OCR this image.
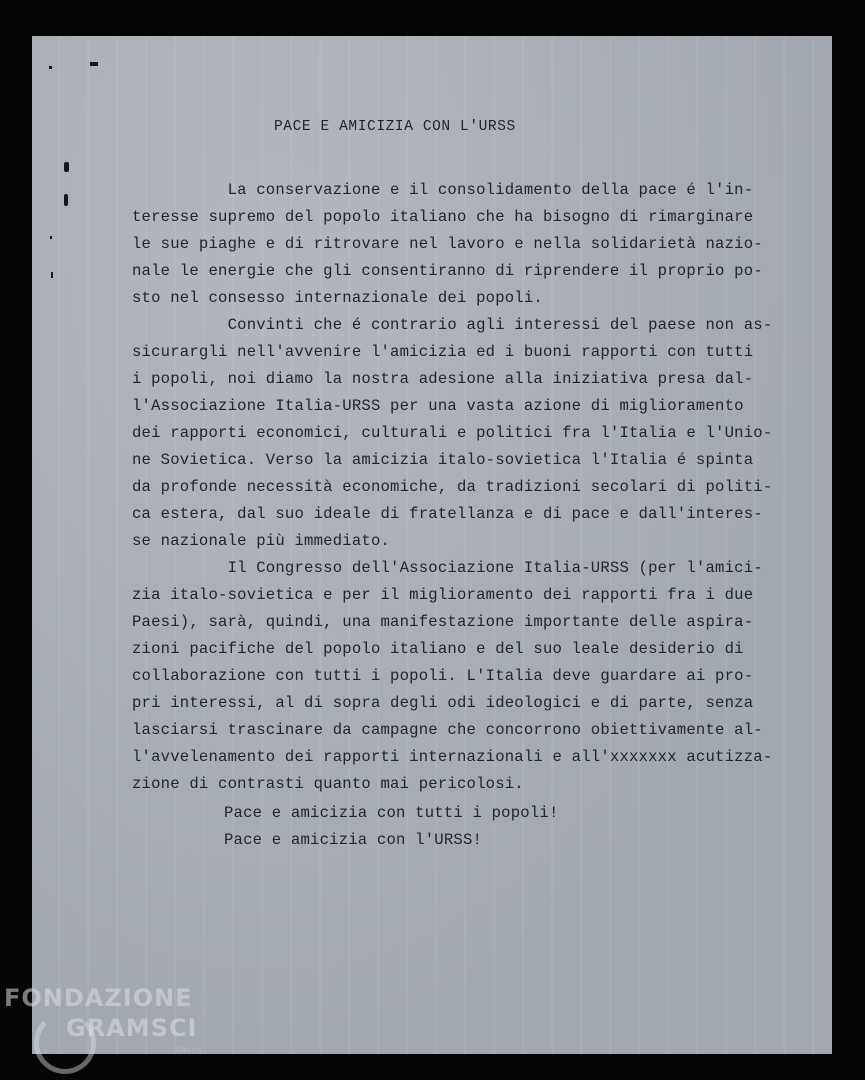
PACE E AMICIZIA CON L'URSS
La conservazione e il consolidamento della pace é l'in-
teresse supremo del popolo italiano che ha bisogno di rimarginare
le sue piaghe e di ritrovare nel lavoro e nella solidarietà nazio-
nale le energie che gli consentiranno di riprendere il proprio po-
sto nel consesso internazionale dei popoli.
Convinti che é contrario agli interessi del paese non as-
sicurargli nell'avvenire l'amicizia ed i buoni rapporti con tutti
i popoli, noi diamo la nostra adesione alla iniziativa presa dal-
l'Associazione Italia-URSS per una vasta azione di miglioramento
dei rapporti economici, culturali e politici fra l'Italia e l'Unio-
ne Sovietica. Verso la amicizia italo-sovietica l'Italia é spinta
da profonde necessità economiche, da tradizioni secolari di politi-
ca estera, dal suo ideale di fratellanza e di pace e dall'interes-
se nazionale più immediato.
Il Congresso dell'Associazione Italia-URSS (per l'amici-
zia italo-sovietica e per il miglioramento dei rapporti fra i due
Paesi), sarà, quindi, una manifestazione importante delle aspira-
zioni pacifiche del popolo italiano e del suo leale desiderio di
collaborazione con tutti i popoli. L'Italia deve guardare ai pro-
pri interessi, al di sopra degli odi ideologici e di parte, senza
lasciarsi trascinare da campagne che concorrono obiettivamente al-
l'avvelenamento dei rapporti internazionali e all'xxxxxxx acutizza-
zione di contrasti quanto mai pericolosi.
Pace e amicizia con tutti i popoli!
Pace e amicizia con l'URSS!
FONDAZIONE
GRAMSCI
Onlus
